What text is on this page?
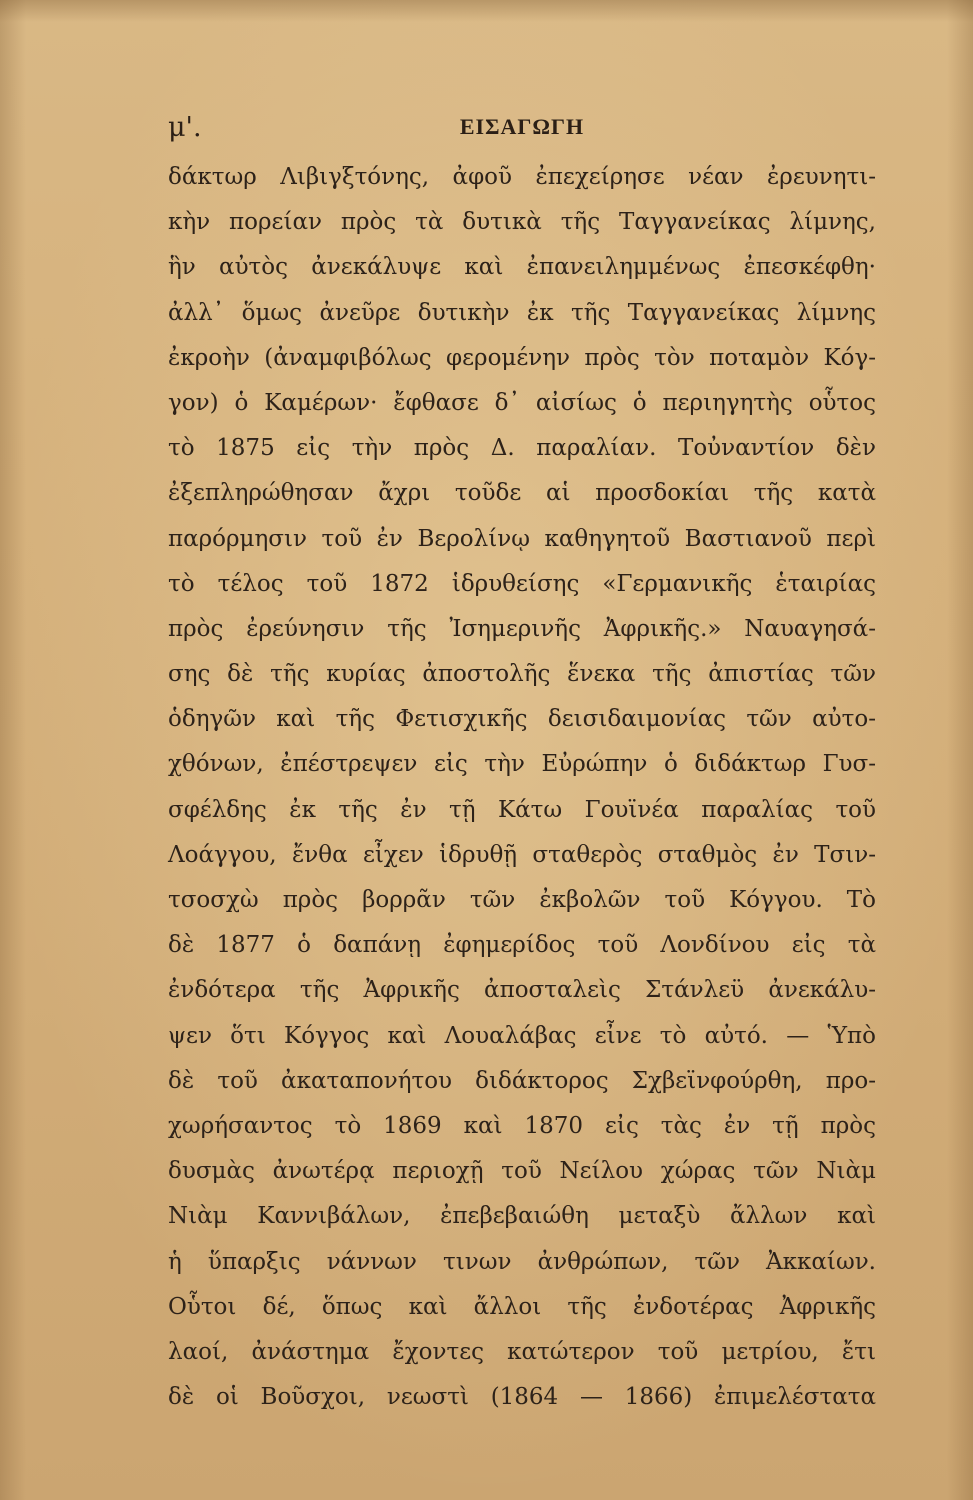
μ'.	ΕΙΣΑΓΩΓΗ
δάκτωρ Λιβιγξτόνης, ἀφοῦ ἐπεχείρησε νέαν ἐρευνητι-
κὴν πορείαν πρὸς τὰ δυτικὰ τῆς Ταγγανείκας λίμνης,
ἣν αὐτὸς ἀνεκάλυψε καὶ ἐπανειλημμένως ἐπεσκέφθη·
ἀλλ᾽ ὅμως ἀνεῦρε δυτικὴν ἐκ τῆς Ταγγανείκας λίμνης
ἐκροὴν (ἀναμφιβόλως φερομένην πρὸς τὸν ποταμὸν Κόγ-
γον) ὁ Καμέρων· ἔφθασε δ᾽ αἰσίως ὁ περιηγητὴς οὗτος
τὸ 1875 εἰς τὴν πρὸς Δ. παραλίαν. Τοὐναντίον δὲν
ἐξεπληρώθησαν ἄχρι τοῦδε αἱ προσδοκίαι τῆς κατὰ
παρόρμησιν τοῦ ἐν Βερολίνῳ καθηγητοῦ Βαστιανοῦ περὶ
τὸ τέλος τοῦ 1872 ἱδρυθείσης «Γερμανικῆς ἑταιρίας
πρὸς ἐρεύνησιν τῆς Ἰσημερινῆς Ἀφρικῆς.» Ναυαγησά-
σης δὲ τῆς κυρίας ἀποστολῆς ἕνεκα τῆς ἀπιστίας τῶν
ὁδηγῶν καὶ τῆς Φετισχικῆς δεισιδαιμονίας τῶν αὐτο-
χθόνων, ἐπέστρεψεν εἰς τὴν Εὐρώπην ὁ διδάκτωρ Γυσ-
σφέλδης ἐκ τῆς ἐν τῇ Κάτω Γουϊνέα παραλίας τοῦ
Λοάγγου, ἔνθα εἶχεν ἱδρυθῇ σταθερὸς σταθμὸς ἐν Τσιν-
τσοσχὼ πρὸς βορρᾶν τῶν ἐκβολῶν τοῦ Κόγγου. Τὸ
δὲ 1877 ὁ δαπάνῃ ἐφημερίδος τοῦ Λονδίνου εἰς τὰ
ἐνδότερα τῆς Ἀφρικῆς ἀποσταλεὶς Στάνλεϋ ἀνεκάλυ-
ψεν ὅτι Κόγγος καὶ Λουαλάβας εἶνε τὸ αὐτό. — Ὑπὸ
δὲ τοῦ ἀκαταπονήτου διδάκτορος Σχβεϊνφούρθη, προ-
χωρήσαντος τὸ 1869 καὶ 1870 εἰς τὰς ἐν τῇ πρὸς
δυσμὰς ἀνωτέρᾳ περιοχῇ τοῦ Νείλου χώρας τῶν Νιὰμ
Νιὰμ Καννιβάλων, ἐπεβεβαιώθη μεταξὺ ἄλλων καὶ
ἡ ὕπαρξις νάννων τινων ἀνθρώπων, τῶν Ἀκκαίων.
Οὗτοι δέ, ὅπως καὶ ἄλλοι τῆς ἐνδοτέρας Ἀφρικῆς
λαοί, ἀνάστημα ἔχοντες κατώτερον τοῦ μετρίου, ἔτι
δὲ οἱ Βοῦσχοι, νεωστὶ (1864 — 1866) ἐπιμελέστατα
